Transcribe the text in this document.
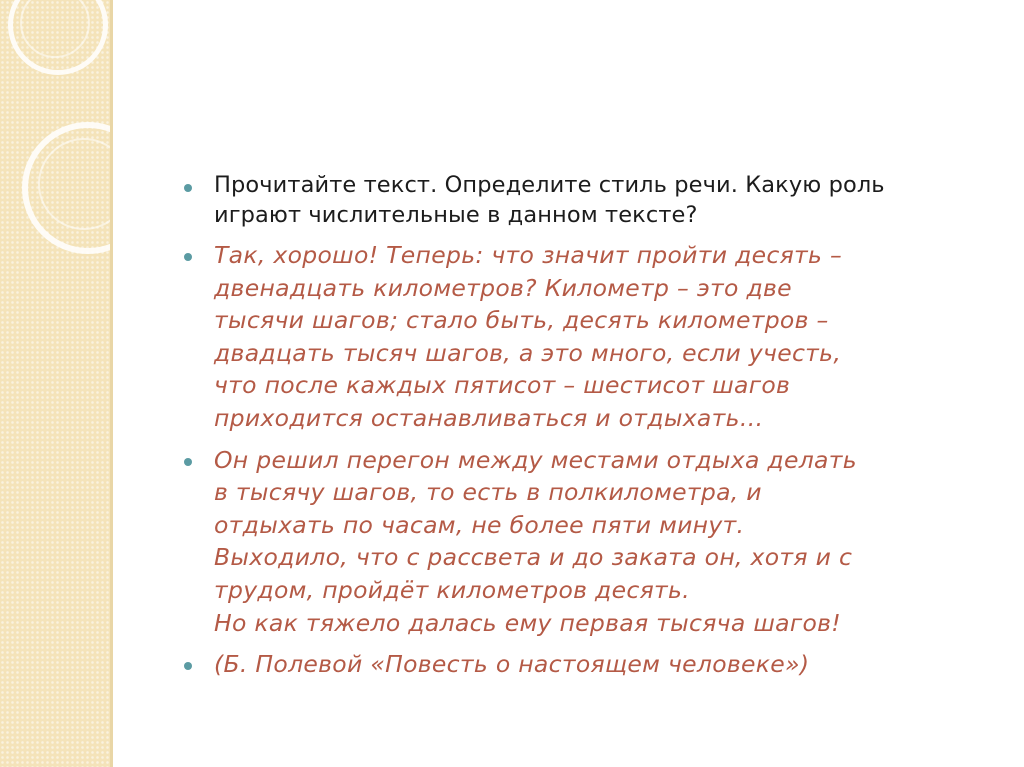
Прочитайте текст. Определите стиль речи. Какую роль
играют числительные в данном тексте?
Так, хорошо! Теперь: что значит пройти десять –
двенадцать километров? Километр – это две
тысячи шагов; стало быть, десять километров –
двадцать тысяч шагов, а это много, если учесть,
что после каждых пятисот – шестисот шагов
приходится останавливаться и отдыхать…
Он решил перегон между местами отдыха делать
в тысячу шагов, то есть в полкилометра, и
отдыхать по часам, не более пяти минут.
Выходило, что с рассвета и до заката он, хотя и с
трудом, пройдёт километров десять.
Но как тяжело далась ему первая тысяча шагов!
(Б. Полевой «Повесть о настоящем человеке»)
